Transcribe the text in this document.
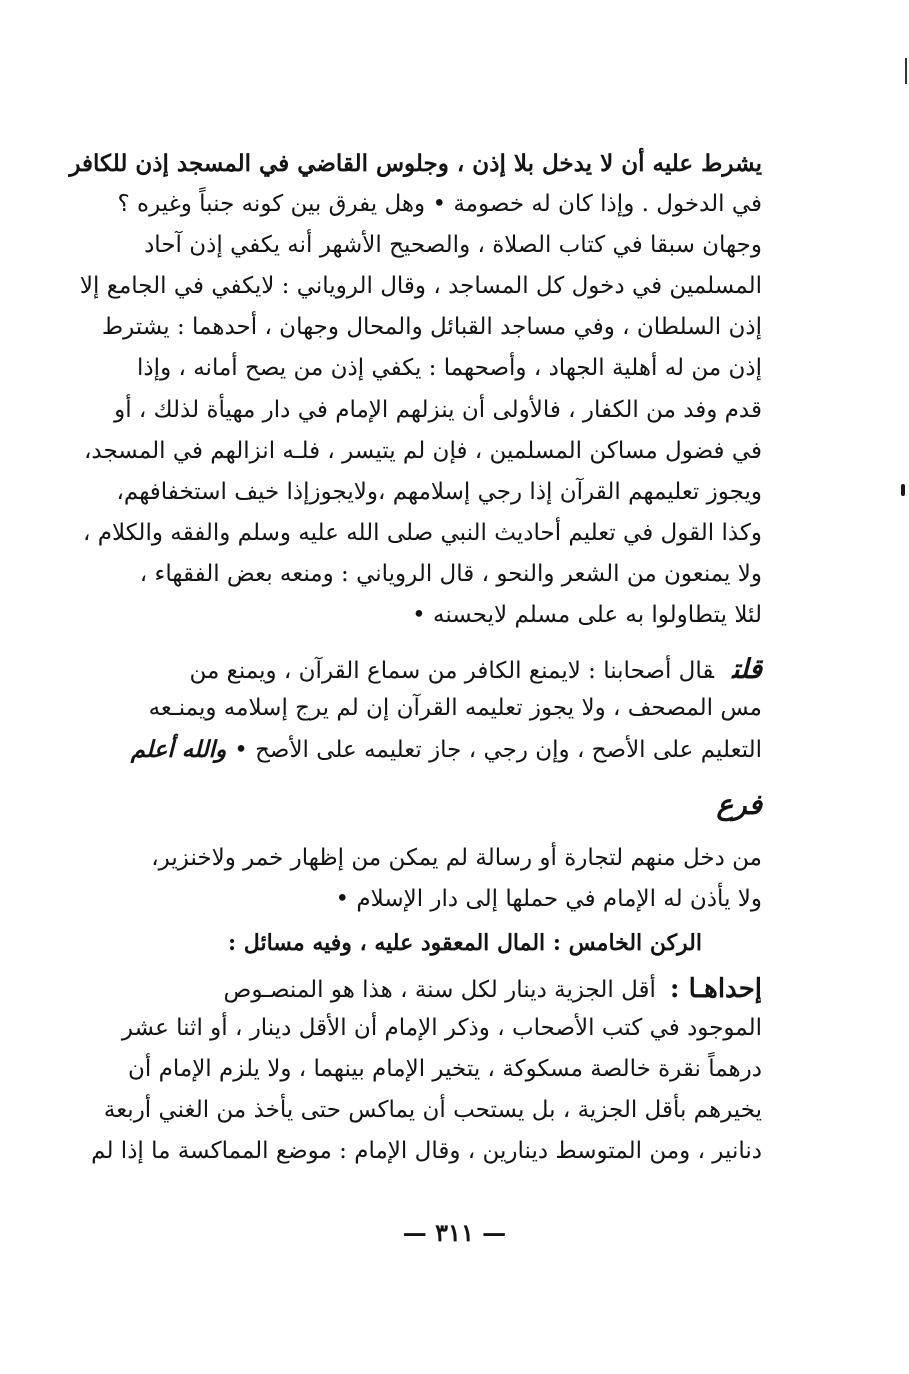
يشرط عليه أن لا يدخل بلا إذن ، وجلوس القاضي في المسجد إذن للكافر
في الدخول . وإذا كان له خصومة • وهل يفرق بين كونه جنباً وغيره ؟
وجهان سبقا في كتاب الصلاة ، والصحيح الأشهر أنه يكفي إذن آحاد
المسلمين في دخول كل المساجد ، وقال الروياني : لايكفي في الجامع إلا
إذن السلطان ، وفي مساجد القبائل والمحال وجهان ، أحدهما : يشترط
إذن من له أهلية الجهاد ، وأصحهما : يكفي إذن من يصح أمانه ، وإذا
قدم وفد من الكفار ، فالأولى أن ينزلهم الإمام في دار مهيأة لذلك ، أو
في فضول مساكن المسلمين ، فإن لم يتيسر ، فلـه انزالهم في المسجد،
ويجوز تعليمهم القرآن إذا رجي إسلامهم ،ولايجوزإذا خيف استخفافهم،
وكذا القول في تعليم أحاديث النبي صلى الله عليه وسلم والفقه والكلام ،
ولا يمنعون من الشعر والنحو ، قال الروياني : ومنعه بعض الفقهاء ،
لئلا يتطاولوا به على مسلم لايحسنه •
قلتقال أصحابنا : لايمنع الكافر من سماع القرآن ، ويمنع من
مس المصحف ، ولا يجوز تعليمه القرآن إن لم يرج إسلامه ويمنـعه
التعليم على الأصح ، وإن رجي ، جاز تعليمه على الأصح •والله أعلم
فرع
من دخل منهم لتجارة أو رسالة لم يمكن من إظهار خمر ولاخنزير،
ولا يأذن له الإمام في حملها إلى دار الإسلام •
الركن الخامس : المال المعقود عليه ، وفيه مسائل :
إحداهـا :أقل الجزية دينار لكل سنة ، هذا هو المنصـوص
الموجود في كتب الأصحاب ، وذكر الإمام أن الأقل دينار ، أو اثنا عشر
درهماً نقرة خالصة مسكوكة ، يتخير الإمام بينهما ، ولا يلزم الإمام أن
يخيرهم بأقل الجزية ، بل يستحب أن يماكس حتى يأخذ من الغني أربعة
دنانير ، ومن المتوسط دينارين ، وقال الإمام : موضع المماكسة ما إذا لم
— ٣١١ —
